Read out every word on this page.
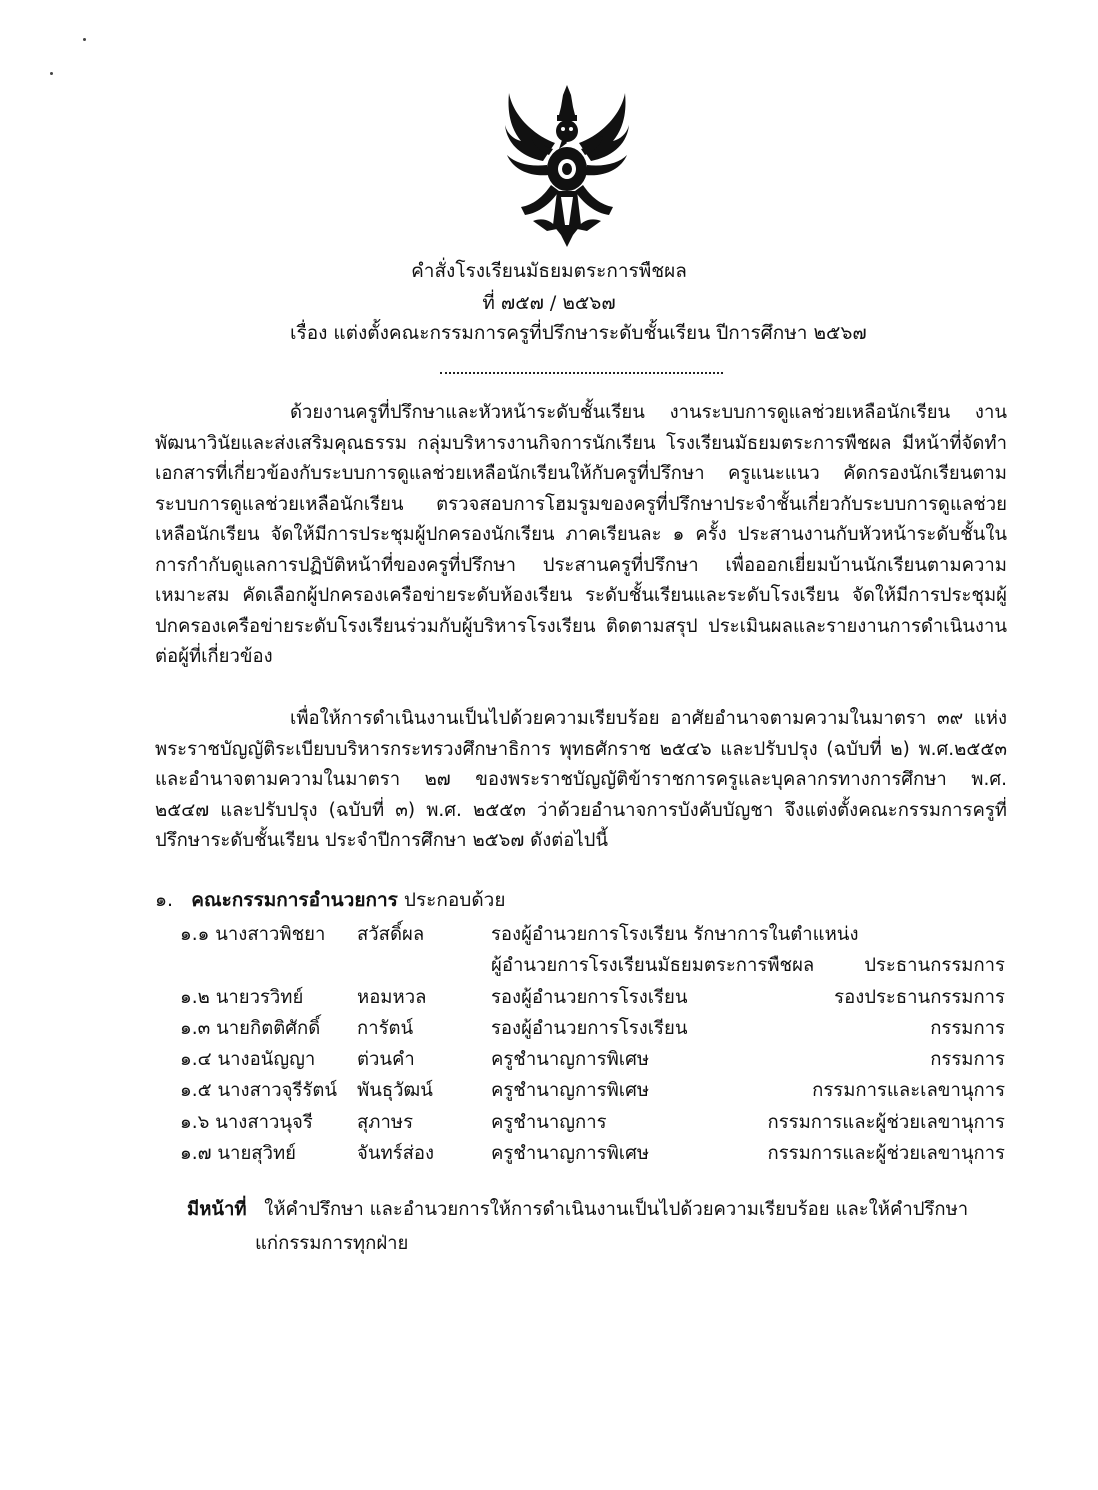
คำสั่งโรงเรียนมัธยมตระการพืชผล
ที่ ๗๕๗ / ๒๕๖๗
เรื่อง แต่งตั้งคณะกรรมการครูที่ปรึกษาระดับชั้นเรียน ปีการศึกษา ๒๕๖๗
ด้วยงานครูที่ปรึกษาและหัวหน้าระดับชั้นเรียน งานระบบการดูแลช่วยเหลือนักเรียน งานพัฒนาวินัยและส่งเสริมคุณธรรม กลุ่มบริหารงานกิจการนักเรียน โรงเรียนมัธยมตระการพืชผล มีหน้าที่จัดทำเอกสารที่เกี่ยวข้องกับระบบการดูแลช่วยเหลือนักเรียนให้กับครูที่ปรึกษา ครูแนะแนว คัดกรองนักเรียนตามระบบการดูแลช่วยเหลือนักเรียน ตรวจสอบการโฮมรูมของครูที่ปรึกษาประจำชั้นเกี่ยวกับระบบการดูแลช่วยเหลือนักเรียน จัดให้มีการประชุมผู้ปกครองนักเรียน ภาคเรียนละ ๑ ครั้ง ประสานงานกับหัวหน้าระดับชั้นในการกำกับดูแลการปฏิบัติหน้าที่ของครูที่ปรึกษา ประสานครูที่ปรึกษา เพื่อออกเยี่ยมบ้านนักเรียนตามความเหมาะสม คัดเลือกผู้ปกครองเครือข่ายระดับห้องเรียน ระดับชั้นเรียนและระดับโรงเรียน จัดให้มีการประชุมผู้ปกครองเครือข่ายระดับโรงเรียนร่วมกับผู้บริหารโรงเรียน ติดตามสรุป ประเมินผลและรายงานการดำเนินงานต่อผู้ที่เกี่ยวข้อง
เพื่อให้การดำเนินงานเป็นไปด้วยความเรียบร้อย อาศัยอำนาจตามความในมาตรา ๓๙ แห่งพระราชบัญญัติระเบียบบริหารกระทรวงศึกษาธิการ พุทธศักราช ๒๕๔๖ และปรับปรุง (ฉบับที่ ๒) พ.ศ.๒๕๕๓ และอำนาจตามความในมาตรา ๒๗ ของพระราชบัญญัติข้าราชการครูและบุคลากรทางการศึกษา พ.ศ. ๒๕๔๗ และปรับปรุง (ฉบับที่ ๓) พ.ศ. ๒๕๕๓ ว่าด้วยอำนาจการบังคับบัญชา จึงแต่งตั้งคณะกรรมการครูที่ปรึกษาระดับชั้นเรียน ประจำปีการศึกษา ๒๕๖๗ ดังต่อไปนี้
๑. คณะกรรมการอำนวยการ ประกอบด้วย
๑.๑ นางสาวพิชยา สวัสดิ์ผล	รองผู้อำนวยการโรงเรียน รักษาการในตำแหน่ง
ผู้อำนวยการโรงเรียนมัธยมตระการพืชผล	ประธานกรรมการ
๑.๒ นายวรวิทย์	หอมหวล	รองผู้อำนวยการโรงเรียน	รองประธานกรรมการ
๑.๓ นายกิตติศักดิ์ การัตน์	รองผู้อำนวยการโรงเรียน	กรรมการ
๑.๔ นางอนัญญา ต่วนคำ	ครูชำนาญการพิเศษ	กรรมการ
๑.๕ นางสาวจุรีรัตน์ พันธุวัฒน์	ครูชำนาญการพิเศษ	กรรมการและเลขานุการ
๑.๖ นางสาวนุจรี สุภาษร	ครูชำนาญการ	กรรมการและผู้ช่วยเลขานุการ
๑.๗ นายสุวิทย์	จันทร์ส่อง	ครูชำนาญการพิเศษ	กรรมการและผู้ช่วยเลขานุการ
มีหน้าที่ ให้คำปรึกษา และอำนวยการให้การดำเนินงานเป็นไปด้วยความเรียบร้อย และให้คำปรึกษา
แก่กรรมการทุกฝ่าย
